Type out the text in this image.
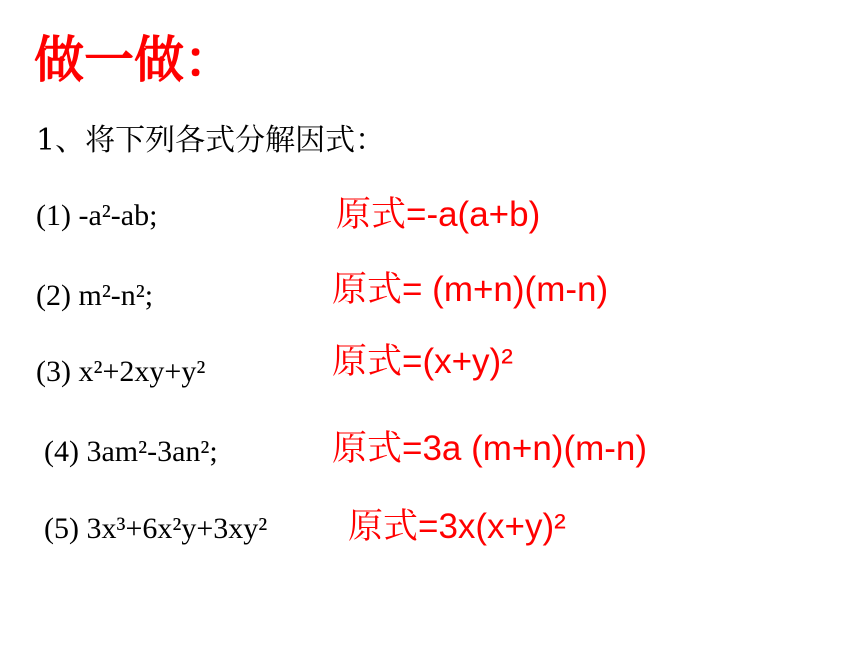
做一做：
1、将下列各式分解因式：
(1) -a²-ab;	原式=-a(a+b)
(2) m²-n²;	原式= (m+n)(m-n)
(3) x²+2xy+y²	原式=(x+y)²
(4) 3am²-3an²;	原式=3a (m+n)(m-n)
(5) 3x³+6x²y+3xy² 原式=3x(x+y)²
